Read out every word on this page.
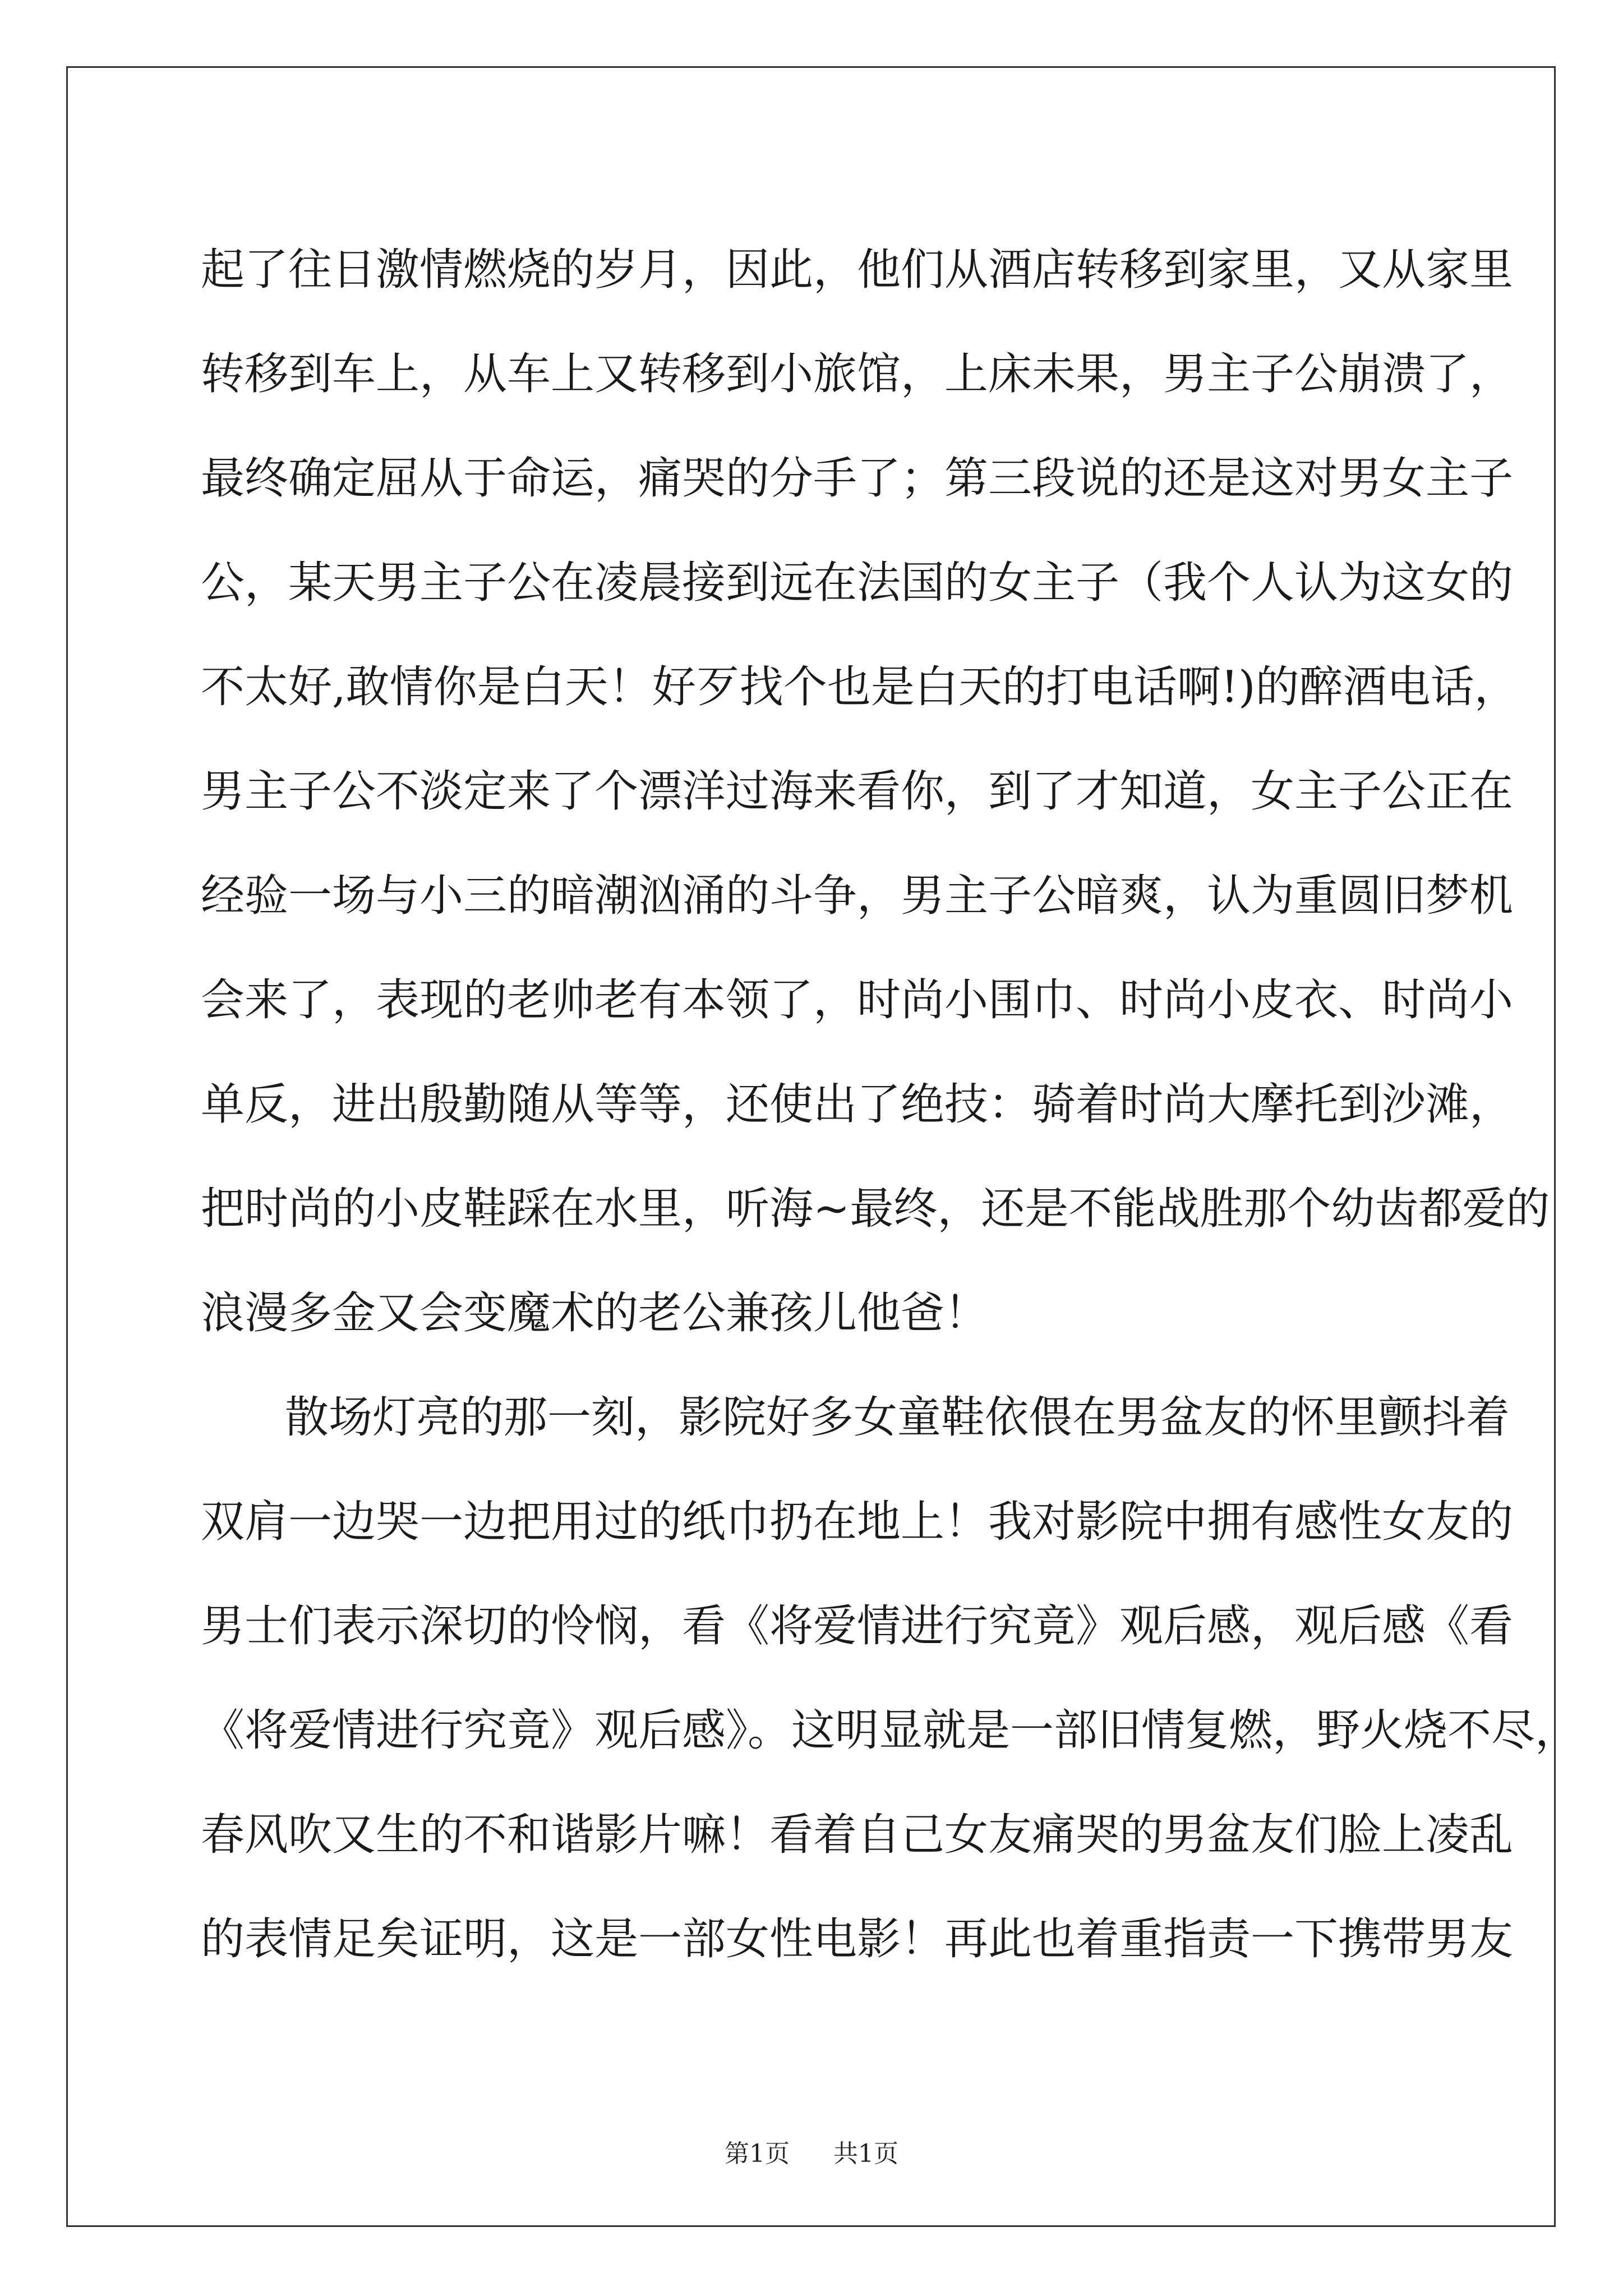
起了往日激情燃烧的岁月，因此，他们从酒店转移到家里，又从家里
转移到车上，从车上又转移到小旅馆，上床未果，男主子公崩溃了，
最终确定屈从于命运，痛哭的分手了；第三段说的还是这对男女主子
公，某天男主子公在凌晨接到远在法国的女主子（我个人认为这女的
不太好,敢情你是白天！好歹找个也是白天的打电话啊!)的醉酒电话，
男主子公不淡定来了个漂洋过海来看你，到了才知道，女主子公正在
经验一场与小三的暗潮汹涌的斗争，男主子公暗爽，认为重圆旧梦机
会来了，表现的老帅老有本领了，时尚小围巾、时尚小皮衣、时尚小
单反，进出殷勤随从等等，还使出了绝技：骑着时尚大摩托到沙滩，
把时尚的小皮鞋踩在水里，听海~最终，还是不能战胜那个幼齿都爱的
浪漫多金又会变魔术的老公兼孩儿他爸！
散场灯亮的那一刻，影院好多女童鞋依偎在男盆友的怀里颤抖着
双肩一边哭一边把用过的纸巾扔在地上！我对影院中拥有感性女友的
男士们表示深切的怜悯，看《将爱情进行究竟》观后感，观后感《看
《将爱情进行究竟》观后感》。这明显就是一部旧情复燃，野火烧不尽，
春风吹又生的不和谐影片嘛！看着自己女友痛哭的男盆友们脸上凌乱
的表情足矣证明，这是一部女性电影！再此也着重指责一下携带男友
第1页 共1页
